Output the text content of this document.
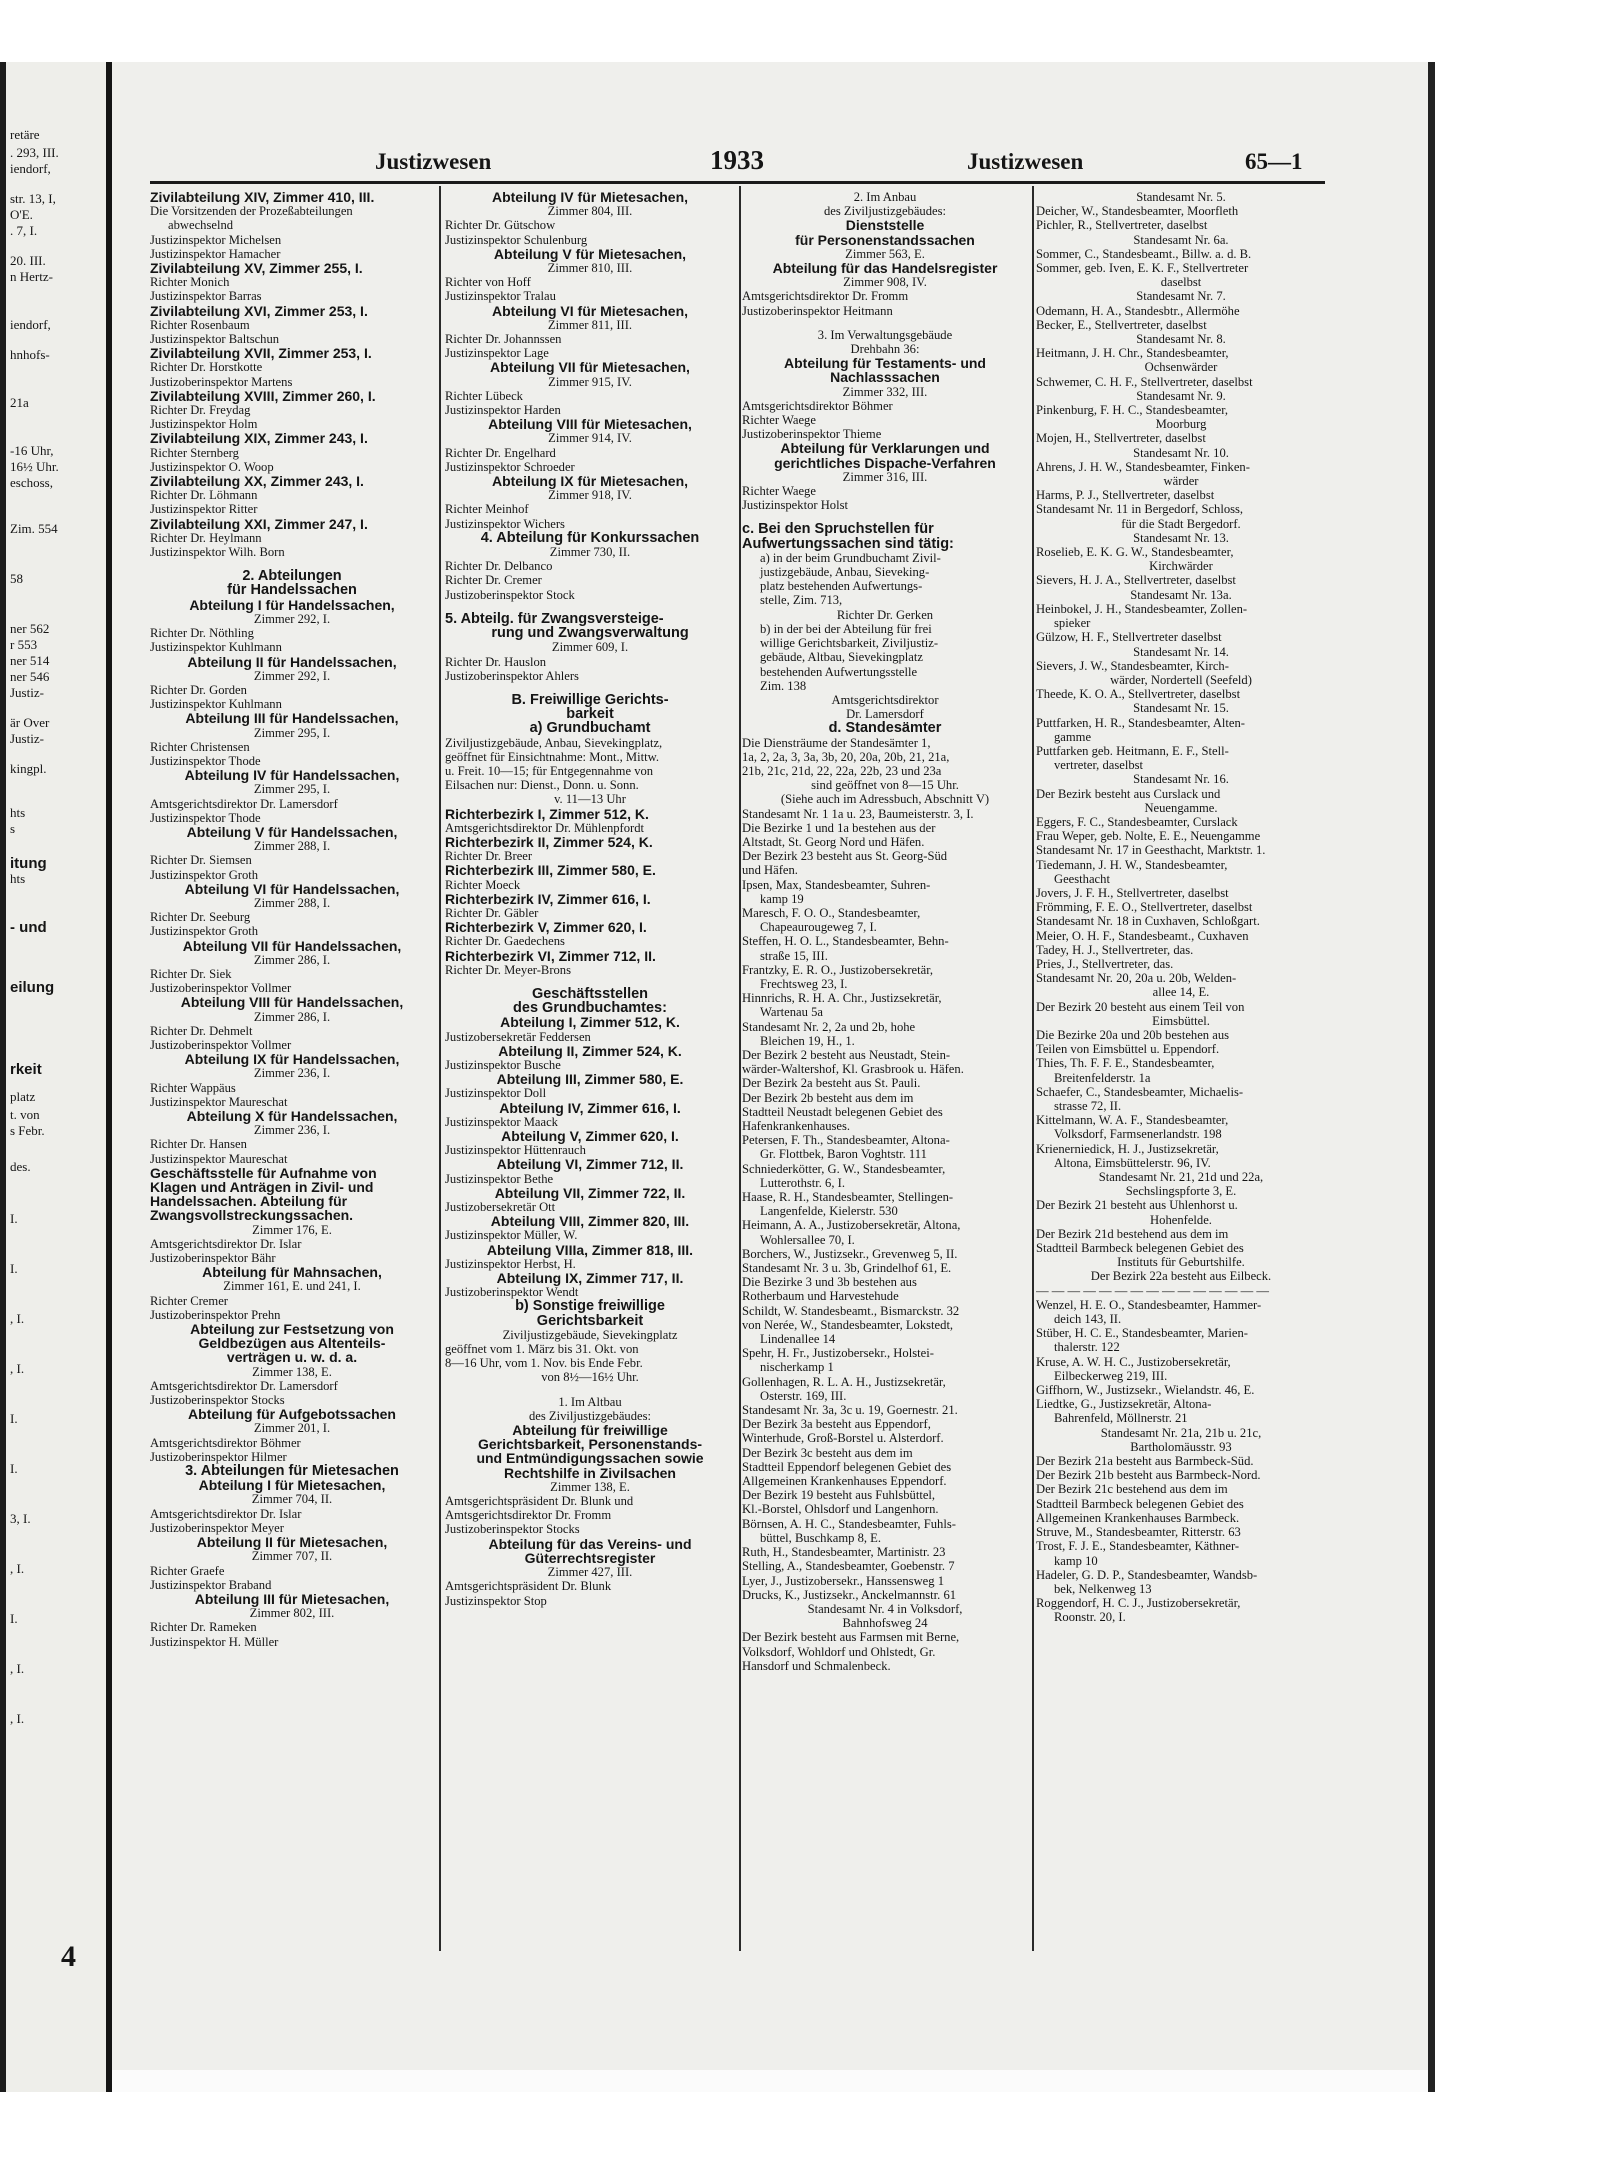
retäre
. 293, III.
iendorf,
str. 13, I,
O'E.
. 7, I.
20. III.
n Hertz-
iendorf,
hnhofs-
21a
-16 Uhr,
16½ Uhr.
eschoss,
Zim. 554
58
ner 562
r 553
ner 514
ner 546
Justiz-
är Over
Justiz-
kingpl.
hts
s
itung
hts
- und
eilung
rkeit
platz
t. von
s Febr.
des.
I.
I.
, I.
, I.
I.
I.
3, I.
, I.
I.
, I.
, I.
4
Justizwesen	1933	Justizwesen	65—1
Zivilabteilung XIV, Zimmer 410, III.
Die Vorsitzenden der Prozeßabteilungen
abwechselnd
Justizinspektor Michelsen
Justizinspektor Hamacher
Zivilabteilung XV, Zimmer 255, I.
Richter Monich
Justizinspektor Barras
Zivilabteilung XVI, Zimmer 253, I.
Richter Rosenbaum
Justizinspektor Baltschun
Zivilabteilung XVII, Zimmer 253, I.
Richter Dr. Horstkotte
Justizoberinspektor Martens
Zivilabteilung XVIII, Zimmer 260, I.
Richter Dr. Freydag
Justizinspektor Holm
Zivilabteilung XIX, Zimmer 243, I.
Richter Sternberg
Justizinspektor O. Woop
Zivilabteilung XX, Zimmer 243, I.
Richter Dr. Löhmann
Justizinspektor Ritter
Zivilabteilung XXI, Zimmer 247, I.
Richter Dr. Heylmann
Justizinspektor Wilh. Born
2. Abteilungen
für Handelssachen
Abteilung I für Handelssachen,
Zimmer 292, I.
Richter Dr. Nöthling
Justizinspektor Kuhlmann
Abteilung II für Handelssachen,
Zimmer 292, I.
Richter Dr. Gorden
Justizinspektor Kuhlmann
Abteilung III für Handelssachen,
Zimmer 295, I.
Richter Christensen
Justizinspektor Thode
Abteilung IV für Handelssachen,
Zimmer 295, I.
Amtsgerichtsdirektor Dr. Lamersdorf
Justizinspektor Thode
Abteilung V für Handelssachen,
Zimmer 288, I.
Richter Dr. Siemsen
Justizinspektor Groth
Abteilung VI für Handelssachen,
Zimmer 288, I.
Richter Dr. Seeburg
Justizinspektor Groth
Abteilung VII für Handelssachen,
Zimmer 286, I.
Richter Dr. Siek
Justizoberinspektor Vollmer
Abteilung VIII für Handelssachen,
Zimmer 286, I.
Richter Dr. Dehmelt
Justizoberinspektor Vollmer
Abteilung IX für Handelssachen,
Zimmer 236, I.
Richter Wappäus
Justizinspektor Maureschat
Abteilung X für Handelssachen,
Zimmer 236, I.
Richter Dr. Hansen
Justizinspektor Maureschat
Geschäftsstelle für Aufnahme von
Klagen und Anträgen in Zivil- und
Handelssachen. Abteilung für
Zwangsvollstreckungssachen.
Zimmer 176, E.
Amtsgerichtsdirektor Dr. Islar
Justizoberinspektor Bähr
Abteilung für Mahnsachen,
Zimmer 161, E. und 241, I.
Richter Cremer
Justizoberinspektor Prehn
Abteilung zur Festsetzung von
Geldbezügen aus Altenteils-
verträgen u. w. d. a.
Zimmer 138, E.
Amtsgerichtsdirektor Dr. Lamersdorf
Justizoberinspektor Stocks
Abteilung für Aufgebotssachen
Zimmer 201, I.
Amtsgerichtsdirektor Böhmer
Justizoberinspektor Hilmer
3. Abteilungen für Mietesachen
Abteilung I für Mietesachen,
Zimmer 704, II.
Amtsgerichtsdirektor Dr. Islar
Justizoberinspektor Meyer
Abteilung II für Mietesachen,
Zimmer 707, II.
Richter Graefe
Justizinspektor Braband
Abteilung III für Mietesachen,
Zimmer 802, III.
Richter Dr. Rameken
Justizinspektor H. Müller
Abteilung IV für Mietesachen,
Zimmer 804, III.
Richter Dr. Gütschow
Justizinspektor Schulenburg
Abteilung V für Mietesachen,
Zimmer 810, III.
Richter von Hoff
Justizinspektor Tralau
Abteilung VI für Mietesachen,
Zimmer 811, III.
Richter Dr. Johannssen
Justizinspektor Lage
Abteilung VII für Mietesachen,
Zimmer 915, IV.
Richter Lübeck
Justizinspektor Harden
Abteilung VIII für Mietesachen,
Zimmer 914, IV.
Richter Dr. Engelhard
Justizinspektor Schroeder
Abteilung IX für Mietesachen,
Zimmer 918, IV.
Richter Meinhof
Justizinspektor Wichers
4. Abteilung für Konkurssachen
Zimmer 730, II.
Richter Dr. Delbanco
Richter Dr. Cremer
Justizoberinspektor Stock
5. Abteilg. für Zwangsversteige-
rung und Zwangsverwaltung
Zimmer 609, I.
Richter Dr. Hauslon
Justizoberinspektor Ahlers
B. Freiwillige Gerichts-
barkeit
a) Grundbuchamt
Ziviljustizgebäude, Anbau, Sievekingplatz,
geöffnet für Einsichtnahme: Mont., Mittw.
u. Freit. 10—15; für Entgegennahme von
Eilsachen nur: Dienst., Donn. u. Sonn.
v. 11—13 Uhr
Richterbezirk I, Zimmer 512, K.
Amtsgerichtsdirektor Dr. Mühlenpfordt
Richterbezirk II, Zimmer 524, K.
Richter Dr. Breer
Richterbezirk III, Zimmer 580, E.
Richter Moeck
Richterbezirk IV, Zimmer 616, I.
Richter Dr. Gäbler
Richterbezirk V, Zimmer 620, I.
Richter Dr. Gaedechens
Richterbezirk VI, Zimmer 712, II.
Richter Dr. Meyer-Brons
Geschäftsstellen
des Grundbuchamtes:
Abteilung I, Zimmer 512, K.
Justizobersekretär Feddersen
Abteilung II, Zimmer 524, K.
Justizinspektor Busche
Abteilung III, Zimmer 580, E.
Justizinspektor Doll
Abteilung IV, Zimmer 616, I.
Justizinspektor Maack
Abteilung V, Zimmer 620, I.
Justizinspektor Hüttenrauch
Abteilung VI, Zimmer 712, II.
Justizinspektor Bethe
Abteilung VII, Zimmer 722, II.
Justizobersekretär Ott
Abteilung VIII, Zimmer 820, III.
Justizinspektor Müller, W.
Abteilung VIIIa, Zimmer 818, III.
Justizinspektor Herbst, H.
Abteilung IX, Zimmer 717, II.
Justizoberinspektor Wendt
b) Sonstige freiwillige
Gerichtsbarkeit
Ziviljustizgebäude, Sievekingplatz
geöffnet vom 1. März bis 31. Okt. von
8—16 Uhr, vom 1. Nov. bis Ende Febr.
von 8½—16½ Uhr.
1. Im Altbau
des Ziviljustizgebäudes:
Abteilung für freiwillige
Gerichtsbarkeit, Personenstands-
und Entmündigungssachen sowie
Rechtshilfe in Zivilsachen
Zimmer 138, E.
Amtsgerichtspräsident Dr. Blunk und
Amtsgerichtsdirektor Dr. Fromm
Justizoberinspektor Stocks
Abteilung für das Vereins- und
Güterrechtsregister
Zimmer 427, III.
Amtsgerichtspräsident Dr. Blunk
Justizinspektor Stop
2. Im Anbau
des Ziviljustizgebäudes:
Dienststelle
für Personenstandssachen
Zimmer 563, E.
Abteilung für das Handelsregister
Zimmer 908, IV.
Amtsgerichtsdirektor Dr. Fromm
Justizoberinspektor Heitmann
3. Im Verwaltungsgebäude
Drehbahn 36:
Abteilung für Testaments- und
Nachlasssachen
Zimmer 332, III.
Amtsgerichtsdirektor Böhmer
Richter Waege
Justizoberinspektor Thieme
Abteilung für Verklarungen und
gerichtliches Dispache-Verfahren
Zimmer 316, III.
Richter Waege
Justizinspektor Holst
c. Bei den Spruchstellen für
Aufwertungssachen sind tätig:
a) in der beim Grundbuchamt Zivil-
justizgebäude, Anbau, Sieveking-
platz bestehenden Aufwertungs-
stelle, Zim. 713,
Richter Dr. Gerken
b) in der bei der Abteilung für frei
willige Gerichtsbarkeit, Ziviljustiz-
gebäude, Altbau, Sievekingplatz
bestehenden Aufwertungsstelle
Zim. 138
Amtsgerichtsdirektor
Dr. Lamersdorf
d. Standesämter
Die Diensträume der Standesämter 1,
1a, 2, 2a, 3, 3a, 3b, 20, 20a, 20b, 21, 21a,
21b, 21c, 21d, 22, 22a, 22b, 23 und 23a
sind geöffnet von 8—15 Uhr.
(Siehe auch im Adressbuch, Abschnitt V)
Standesamt Nr. 1 1a u. 23, Baumeisterstr. 3, I.
Die Bezirke 1 und 1a bestehen aus der
Altstadt, St. Georg Nord und Häfen.
Der Bezirk 23 besteht aus St. Georg-Süd
und Häfen.
Ipsen, Max, Standesbeamter, Suhren-
kamp 19
Maresch, F. O. O., Standesbeamter,
Chapeaurougeweg 7, I.
Steffen, H. O. L., Standesbeamter, Behn-
straße 15, III.
Frantzky, E. R. O., Justizobersekretär,
Frechtsweg 23, I.
Hinnrichs, R. H. A. Chr., Justizsekretär,
Wartenau 5a
Standesamt Nr. 2, 2a und 2b, hohe
Bleichen 19, H., 1.
Der Bezirk 2 besteht aus Neustadt, Stein-
wärder-Waltershof, Kl. Grasbrook u. Häfen.
Der Bezirk 2a besteht aus St. Pauli.
Der Bezirk 2b besteht aus dem im
Stadtteil Neustadt belegenen Gebiet des
Hafenkrankenhauses.
Petersen, F. Th., Standesbeamter, Altona-
Gr. Flottbek, Baron Voghtstr. 111
Schniederkötter, G. W., Standesbeamter,
Lutterothstr. 6, I.
Haase, R. H., Standesbeamter, Stellingen-
Langenfelde, Kielerstr. 530
Heimann, A. A., Justizobersekretär, Altona,
Wohlersallee 70, I.
Borchers, W., Justizsekr., Grevenweg 5, II.
Standesamt Nr. 3 u. 3b, Grindelhof 61, E.
Die Bezirke 3 und 3b bestehen aus
Rotherbaum und Harvestehude
Schildt, W. Standesbeamt., Bismarckstr. 32
von Nerée, W., Standesbeamter, Lokstedt,
Lindenallee 14
Spehr, H. Fr., Justizobersekr., Holstei-
nischerkamp 1
Gollenhagen, R. L. A. H., Justizsekretär,
Osterstr. 169, III.
Standesamt Nr. 3a, 3c u. 19, Goernestr. 21.
Der Bezirk 3a besteht aus Eppendorf,
Winterhude, Groß-Borstel u. Alsterdorf.
Der Bezirk 3c besteht aus dem im
Stadtteil Eppendorf belegenen Gebiet des
Allgemeinen Krankenhauses Eppendorf.
Der Bezirk 19 besteht aus Fuhlsbüttel,
Kl.-Borstel, Ohlsdorf und Langenhorn.
Börnsen, A. H. C., Standesbeamter, Fuhls-
büttel, Buschkamp 8, E.
Ruth, H., Standesbeamter, Martinistr. 23
Stelling, A., Standesbeamter, Goebenstr. 7
Lyer, J., Justizobersekr., Hanssensweg 1
Drucks, K., Justizsekr., Anckelmannstr. 61
Standesamt Nr. 4 in Volksdorf,
Bahnhofsweg 24
Der Bezirk besteht aus Farmsen mit Berne,
Volksdorf, Wohldorf und Ohlstedt, Gr.
Hansdorf und Schmalenbeck.
Standesamt Nr. 5.
Deicher, W., Standesbeamter, Moorfleth
Pichler, R., Stellvertreter, daselbst
Standesamt Nr. 6a.
Sommer, C., Standesbeamt., Billw. a. d. B.
Sommer, geb. Iven, E. K. F., Stellvertreter
daselbst
Standesamt Nr. 7.
Odemann, H. A., Standesbtr., Allermöhe
Becker, E., Stellvertreter, daselbst
Standesamt Nr. 8.
Heitmann, J. H. Chr., Standesbeamter,
Ochsenwärder
Schwemer, C. H. F., Stellvertreter, daselbst
Standesamt Nr. 9.
Pinkenburg, F. H. C., Standesbeamter,
Moorburg
Mojen, H., Stellvertreter, daselbst
Standesamt Nr. 10.
Ahrens, J. H. W., Standesbeamter, Finken-
wärder
Harms, P. J., Stellvertreter, daselbst
Standesamt Nr. 11 in Bergedorf, Schloss,
für die Stadt Bergedorf.
Standesamt Nr. 13.
Roselieb, E. K. G. W., Standesbeamter,
Kirchwärder
Sievers, H. J. A., Stellvertreter, daselbst
Standesamt Nr. 13a.
Heinbokel, J. H., Standesbeamter, Zollen-
spieker
Gülzow, H. F., Stellvertreter daselbst
Standesamt Nr. 14.
Sievers, J. W., Standesbeamter, Kirch-
wärder, Nordertell (Seefeld)
Theede, K. O. A., Stellvertreter, daselbst
Standesamt Nr. 15.
Puttfarken, H. R., Standesbeamter, Alten-
gamme
Puttfarken geb. Heitmann, E. F., Stell-
vertreter, daselbst
Standesamt Nr. 16.
Der Bezirk besteht aus Curslack und
Neuengamme.
Eggers, F. C., Standesbeamter, Curslack
Frau Weper, geb. Nolte, E. E., Neuengamme
Standesamt Nr. 17 in Geesthacht, Marktstr. 1.
Tiedemann, J. H. W., Standesbeamter,
Geesthacht
Jovers, J. F. H., Stellvertreter, daselbst
Frömming, F. E. O., Stellvertreter, daselbst
Standesamt Nr. 18 in Cuxhaven, Schloßgart.
Meier, O. H. F., Standesbeamt., Cuxhaven
Tadey, H. J., Stellvertreter, das.
Pries, J., Stellvertreter, das.
Standesamt Nr. 20, 20a u. 20b, Welden-
allee 14, E.
Der Bezirk 20 besteht aus einem Teil von
Eimsbüttel.
Die Bezirke 20a und 20b bestehen aus
Teilen von Eimsbüttel u. Eppendorf.
Thies, Th. F. F. E., Standesbeamter,
Breitenfelderstr. 1a
Schaefer, C., Standesbeamter, Michaelis-
strasse 72, II.
Kittelmann, W. A. F., Standesbeamter,
Volksdorf, Farmsenerlandstr. 198
Krienerniedick, H. J., Justizsekretär,
Altona, Eimsbüttelerstr. 96, IV.
Standesamt Nr. 21, 21d und 22a,
Sechslingspforte 3, E.
Der Bezirk 21 besteht aus Uhlenhorst u.
Hohenfelde.
Der Bezirk 21d bestehend aus dem im
Stadtteil Barmbeck belegenen Gebiet des
Instituts für Geburtshilfe.
Der Bezirk 22a besteht aus Eilbeck.
— — — — — — — — — — — — — — —
Wenzel, H. E. O., Standesbeamter, Hammer-
deich 143, II.
Stüber, H. C. E., Standesbeamter, Marien-
thalerstr. 122
Kruse, A. W. H. C., Justizobersekretär,
Eilbeckerweg 219, III.
Giffhorn, W., Justizsekr., Wielandstr. 46, E.
Liedtke, G., Justizsekretär, Altona-
Bahrenfeld, Möllnerstr. 21
Standesamt Nr. 21a, 21b u. 21c,
Bartholomäusstr. 93
Der Bezirk 21a besteht aus Barmbeck-Süd.
Der Bezirk 21b besteht aus Barmbeck-Nord.
Der Bezirk 21c bestehend aus dem im
Stadtteil Barmbeck belegenen Gebiet des
Allgemeinen Krankenhauses Barmbeck.
Struve, M., Standesbeamter, Ritterstr. 63
Trost, F. J. E., Standesbeamter, Käthner-
kamp 10
Hadeler, G. D. P., Standesbeamter, Wandsb-
bek, Nelkenweg 13
Roggendorf, H. C. J., Justizobersekretär,
Roonstr. 20, I.
